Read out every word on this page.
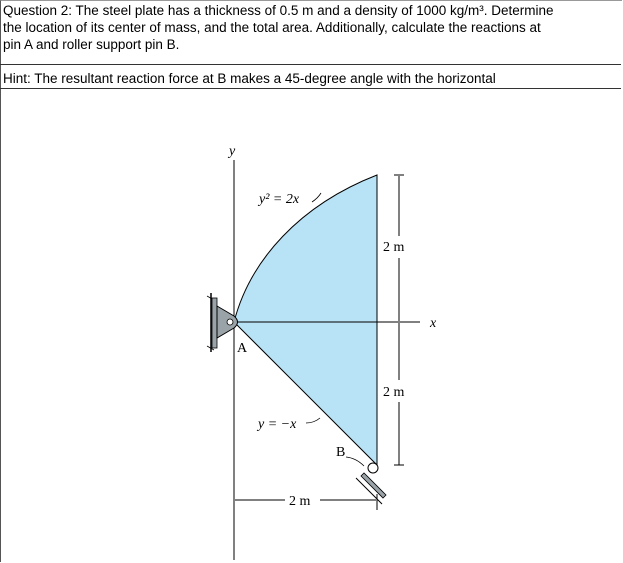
Question 2: The steel plate has a thickness of 0.5 m and a density of 1000 kg/m³. Determine
the location of its center of mass, and the total area. Additionally, calculate the reactions at
pin A and roller support pin B.
Hint: The resultant reaction force at B makes a 45-degree angle with the horizontal
y
x
2 m
2 m
2 m
y² = 2x
y = −x
A
B
